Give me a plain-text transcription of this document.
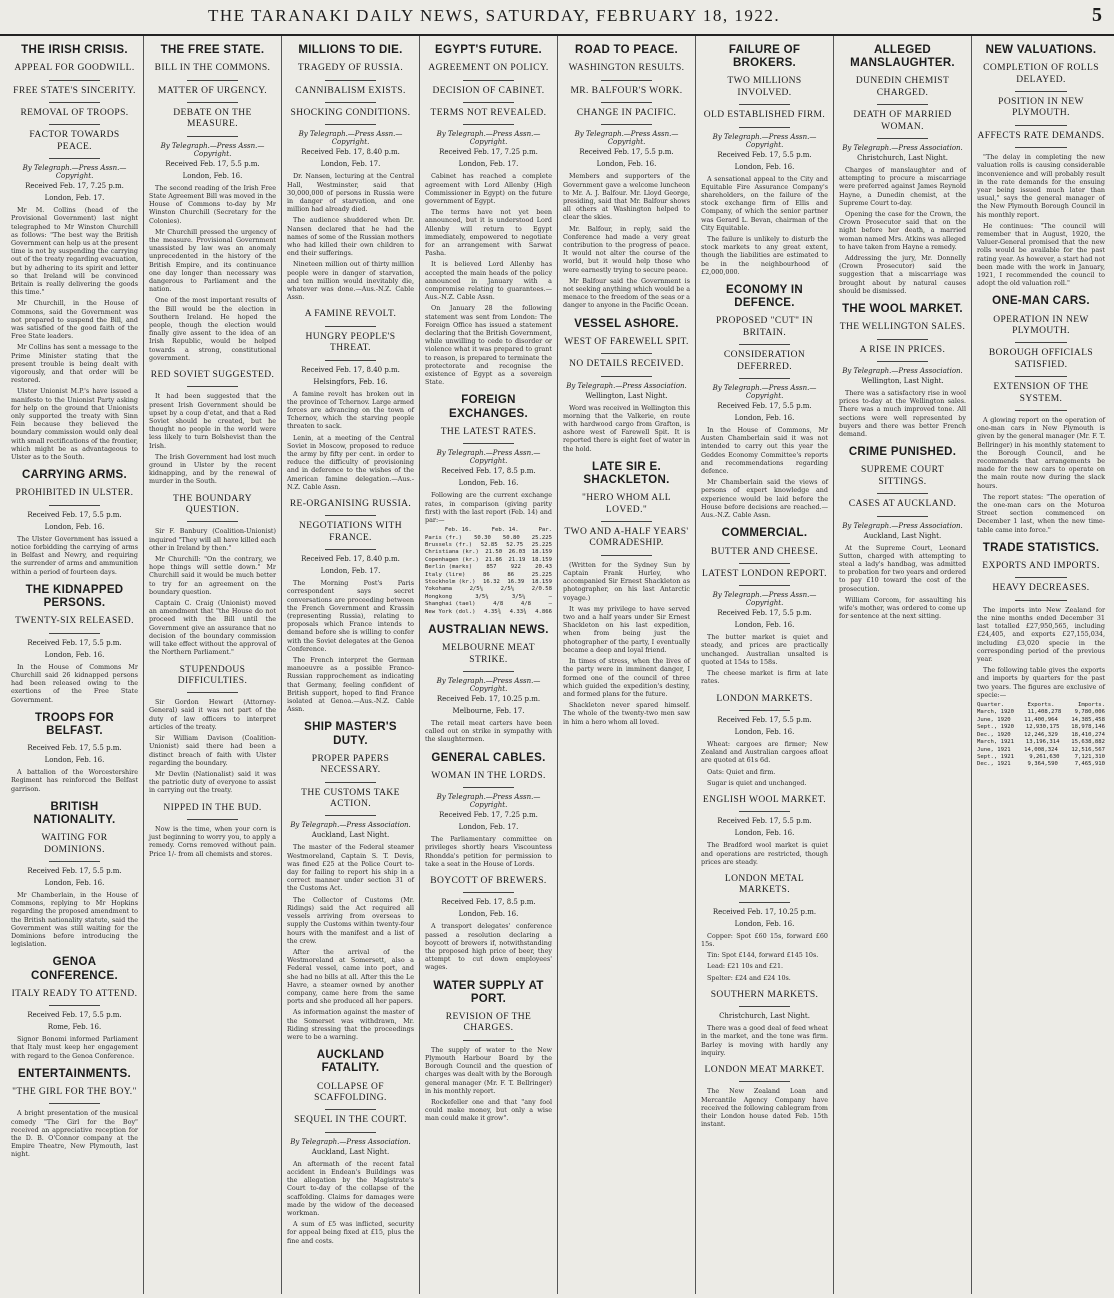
THE TARANAKI DAILY NEWS, SATURDAY, FEBRUARY 18, 1922.	5
THE IRISH CRISIS.
APPEAL FOR GOODWILL.
FREE STATE'S SINCERITY.
REMOVAL OF TROOPS.
FACTOR TOWARDS PEACE.
By Telegraph.—Press Assn.—Copyright.
Received Feb. 17, 7.25 p.m.
London, Feb. 17.

Mr M. Collins (head of the Provisional Government) last night telegraphed to Mr Winston Churchill as follows: "The best way the British Government can help us at the present time is not by suspending the carrying out of the treaty regarding evacuation, but by adhering to its spirit and letter so that Ireland will be convinced Britain is really delivering the goods this time."

Mr Churchill, in the House of Commons, said the Government was not prepared to suspend the Bill, and was satisfied of the good faith of the Free State leaders.

Mr Collins has sent a message to the Prime Minister stating that the present trouble is being dealt with vigorously, and that order will be restored.

Ulster Unionist M.P.'s have issued a manifesto to the Unionist Party asking for help on the ground that Unionists only supported the treaty with Sinn Fein because they believed the boundary commission would only deal with small rectifications of the frontier, which might be as advantageous to Ulster as to the South.

CARRYING ARMS.
PROHIBITED IN ULSTER.
Received Feb. 17, 5.5 p.m.
London, Feb. 16.

The Ulster Government has issued a notice forbidding the carrying of arms in Belfast and Newry, and requiring the surrender of arms and ammunition within a period of fourteen days.

THE KIDNAPPED PERSONS.
TWENTY-SIX RELEASED.
Received Feb. 17, 5.5 p.m.
London, Feb. 16.

In the House of Commons Mr Churchill said 26 kidnapped persons had been released owing to the exertions of the Free State Government.

TROOPS FOR BELFAST.
Received Feb. 17, 5.5 p.m.
London, Feb. 16.

A battalion of the Worcestershire Regiment has reinforced the Belfast garrison.

BRITISH NATIONALITY.
WAITING FOR DOMINIONS.
Received Feb. 17, 5.5 p.m.
London, Feb. 16.

Mr Chamberlain, in the House of Commons, replying to Mr Hopkins regarding the proposed amendment to the British nationality statute, said the Government was still waiting for the Dominions before introducing the legislation.

GENOA CONFERENCE.
ITALY READY TO ATTEND.
Received Feb. 17, 5.5 p.m.
Rome, Feb. 16.

Signor Bonomi informed Parliament that Italy must keep her engagement with regard to the Genoa Conference.

ENTERTAINMENTS.
"THE GIRL FOR THE BOY."

A bright presentation of the musical comedy "The Girl for the Boy" received an appreciative reception for the D. B. O'Connor company at the Empire Theatre, New Plymouth, last night.

THE FREE STATE.
BILL IN THE COMMONS.
MATTER OF URGENCY.
DEBATE ON THE MEASURE.
By Telegraph.—Press Assn.—Copyright.
Received Feb. 17, 5.5 p.m.
London, Feb. 16.

The second reading of the Irish Free State Agreement Bill was moved in the House of Commons to-day by Mr Winston Churchill (Secretary for the Colonies).

Mr Churchill pressed the urgency of the measure. Provisional Government unassisted by law was an anomaly unprecedented in the history of the British Empire, and its continuance one day longer than necessary was dangerous to Parliament and the nation.

One of the most important results of the Bill would be the election in Southern Ireland. He hoped the people, though the election would finally give assent to the idea of an Irish Republic, would be helped towards a strong, constitutional government.

RED SOVIET SUGGESTED.

It had been suggested that the present Irish Government should be upset by a coup d'etat, and that a Red Soviet should be created, but he thought no people in the world were less likely to turn Bolshevist than the Irish.

The Irish Government had lost much ground in Ulster by the recent kidnapping, and by the renewal of murder in the South.

THE BOUNDARY QUESTION.

Sir F. Banbury (Coalition-Unionist) inquired "They will all have killed each other in Ireland by then."

Mr Churchill: "On the contrary, we hope things will settle down." Mr Churchill said it would be much better to try for an agreement on the boundary question.

Captain C. Craig (Unionist) moved an amendment that "the House do not proceed with the Bill until the Government give an assurance that no decision of the boundary commission will take effect without the approval of the Northern Parliament."

STUPENDOUS DIFFICULTIES.

Sir Gordon Hewart (Attorney-General) said it was not part of the duty of law officers to interpret articles of the treaty.

Sir William Davison (Coalition-Unionist) said there had been a distinct breach of faith with Ulster regarding the boundary.

Mr Devlin (Nationalist) said it was the patriotic duty of everyone to assist in carrying out the treaty.

NIPPED IN THE BUD.

Now is the time, when your corn is just beginning to worry you, to apply a remedy. Corns removed without pain. Price 1/- from all chemists and stores.

MILLIONS TO DIE.
TRAGEDY OF RUSSIA.
CANNIBALISM EXISTS.
SHOCKING CONDITIONS.
By Telegraph.—Press Assn.—Copyright.
Received Feb. 17, 8.40 p.m.
London, Feb. 17.

Dr. Nansen, lecturing at the Central Hall, Westminster, said that 30,000,000 of persons in Russia were in danger of starvation, and one million had already died.

The audience shuddered when Dr. Nansen declared that he had the names of some of the Russian mothers who had killed their own children to end their sufferings.

Nineteen million out of thirty million people were in danger of starvation, and ten million would inevitably die, whatever was done.—Aus.-N.Z. Cable Assn.

A FAMINE REVOLT.
HUNGRY PEOPLE'S THREAT.
Received Feb. 17, 8.40 p.m.
Helsingfors, Feb. 16.

A famine revolt has broken out in the province of Tchernov. Large armed forces are advancing on the town of Tchernov, which the starving people threaten to sack.

Lenin, at a meeting of the Central Soviet in Moscow, proposed to reduce the army by fifty per cent. in order to reduce the difficulty of provisioning and in deference to the wishes of the American famine delegation.—Aus.-N.Z. Cable Assn.

RE-ORGANISING RUSSIA.
NEGOTIATIONS WITH FRANCE.
Received Feb. 17, 8.40 p.m.
London, Feb. 17.

The Morning Post's Paris correspondent says secret conversations are proceeding between the French Government and Krassin (representing Russia), relating to proposals which France intends to demand before she is willing to confer with the Soviet delegates at the Genoa Conference.

The French interpret the German manoeuvre as a possible Franco-Russian rapprochement as indicating that Germany, feeling confident of British support, hoped to find France isolated at Genoa.—Aus.-N.Z. Cable Assn.

SHIP MASTER'S DUTY.
PROPER PAPERS NECESSARY.
THE CUSTOMS TAKE ACTION.
By Telegraph.—Press Association.
Auckland, Last Night.

The master of the Federal steamer Westmoreland, Captain S. T. Devis, was fined £25 at the Police Court to-day for failing to report his ship in a correct manner under section 31 of the Customs Act.

The Collector of Customs (Mr. Ridings) said the Act required all vessels arriving from overseas to supply the Customs within twenty-four hours with the manifest and a list of the crew.

After the arrival of the Westmoreland at Somersett, also a Federal vessel, came into port, and she had no bills at all. After this the Le Havre, a steamer owned by another company, came here from the same ports and she produced all her papers.

As information against the master of the Somerset was withdrawn, Mr. Riding stressing that the proceedings were to be a warning.

AUCKLAND FATALITY.
COLLAPSE OF SCAFFOLDING.
SEQUEL IN THE COURT.
By Telegraph.—Press Association.
Auckland, Last Night.

An aftermath of the recent fatal accident in Endean's Buildings was the allegation by the Magistrate's Court to-day of the collapse of the scaffolding. Claims for damages were made by the widow of the deceased workman.

A sum of £5 was inflicted, security for appeal being fixed at £15, plus the fine and costs.

EGYPT'S FUTURE.
AGREEMENT ON POLICY.
DECISION OF CABINET.
TERMS NOT REVEALED.
By Telegraph.—Press Assn.—Copyright.
Received Feb. 17, 7.25 p.m.
London, Feb. 17.

Cabinet has reached a complete agreement with Lord Allenby (High Commissioner in Egypt) on the future government of Egypt.

The terms have not yet been announced, but it is understood Lord Allenby will return to Egypt immediately, empowered to negotiate for an arrangement with Sarwat Pasha.

It is believed Lord Allenby has accepted the main heads of the policy announced in January with a compromise relating to guarantees.—Aus.-N.Z. Cable Assn.

On January 28 the following statement was sent from London: The Foreign Office has issued a statement declaring that the British Government, while unwilling to cede to disorder or violence what it was prepared to grant to reason, is prepared to terminate the protectorate and recognise the existence of Egypt as a sovereign State.

FOREIGN EXCHANGES.
THE LATEST RATES.
By Telegraph.—Press Assn.—Copyright.
Received Feb. 17, 8.5 p.m.
London, Feb. 16.

Following are the current exchange rates, in comparison (giving parity first) with the last report (Feb. 14) and par:—

Feb. 16.	Feb. 14.	Par.
Paris (fr.) 50.30 50.80 25.225
Brussels (fr.) 52.85 52.75 25.225
Christiana (kr.) 21.50 26.03 18.159
Copenhagen (kr.) 21.86 21.19 18.159
Berlin (marks)	857	922	20.43
Italy (lire)	86	86	25.225
Stockholm (kr.) 16.32 16.39 18.159
Yokohama	2/5¼	2/5¼	2/0.58
Hongkong	3/5¼	3/5¼	—
Shanghai (tael)	4/8	4/8	—
New York (dol.) 4.35¾ 4.33¾ 4.866
AUSTRALIAN NEWS.
MELBOURNE MEAT STRIKE.
By Telegraph.—Press Assn.—Copyright.
Received Feb. 17, 10.25 p.m.
Melbourne, Feb. 17.

The retail meat carters have been called out on strike in sympathy with the slaughtermen.

GENERAL CABLES.
WOMAN IN THE LORDS.
By Telegraph.—Press Assn.—Copyright.
Received Feb. 17, 7.25 p.m.
London, Feb. 17.

The Parliamentary committee on privileges shortly hears Viscountess Rhondda's petition for permission to take a seat in the House of Lords.

BOYCOTT OF BREWERS.
Received Feb. 17, 8.5 p.m.
London, Feb. 16.

A transport delegates' conference passed a resolution declaring a boycott of brewers if, notwithstanding the proposed high price of beer, they attempt to cut down employees' wages.

WATER SUPPLY AT PORT.
REVISION OF THE CHARGES.

The supply of water to the New Plymouth Harbour Board by the Borough Council and the question of charges was dealt with by the Borough general manager (Mr. F. T. Bellringer) in his monthly report.

Rockefeller one and that "any fool could make money, but only a wise man could make it grow".

ROAD TO PEACE.
WASHINGTON RESULTS.
MR. BALFOUR'S WORK.
CHANGE IN PACIFIC.
By Telegraph.—Press Assn.—Copyright.
Received Feb. 17, 5.5 p.m.
London, Feb. 16.

Members and supporters of the Government gave a welcome luncheon to Mr. A. J. Balfour. Mr. Lloyd George, presiding, said that Mr. Balfour shows all others at Washington helped to clear the skies.

Mr. Balfour, in reply, said the Conference had made a very great contribution to the progress of peace. It would not alter the course of the world, but it would help those who were earnestly trying to secure peace.

Mr Balfour said the Government is not seeking anything which would be a menace to the freedom of the seas or a danger to anyone in the Pacific Ocean.

VESSEL ASHORE.
WEST OF FAREWELL SPIT.
NO DETAILS RECEIVED.
By Telegraph.—Press Association.
Wellington, Last Night.

Word was received in Wellington this morning that the Valkerie, en route with hardwood cargo from Grafton, is ashore west of Farewell Spit. It is reported there is eight feet of water in the hold.

LATE SIR E. SHACKLETON.
"HERO WHOM ALL LOVED."
TWO AND A-HALF YEARS' COMRADESHIP.

(Written for the Sydney Sun by Captain Frank Hurley, who accompanied Sir Ernest Shackleton as photographer, on his last Antarctic voyage.)

It was my privilege to have served two and a half years under Sir Ernest Shackleton on his last expedition, when from being just the photographer of the party, I eventually became a deep and loyal friend.

In times of stress, when the lives of the party were in imminent danger, I formed one of the council of three which guided the expedition's destiny, and formed plans for the future.

Shackleton never spared himself. The whole of the twenty-two men saw in him a hero whom all loved.

FAILURE OF BROKERS.
TWO MILLIONS INVOLVED.
OLD ESTABLISHED FIRM.
By Telegraph.—Press Assn.—Copyright.
Received Feb. 17, 5.5 p.m.
London, Feb. 16.

A sensational appeal to the City and Equitable Fire Assurance Company's shareholders, on the failure of the stock exchange firm of Ellis and Company, of which the senior partner was Gerard L. Bevan, chairman of the City Equitable.

The failure is unlikely to disturb the stock markets to any great extent, though the liabilities are estimated to be in the neighbourhood of £2,000,000.

ECONOMY IN DEFENCE.
PROPOSED "CUT" IN BRITAIN.
CONSIDERATION DEFERRED.
By Telegraph.—Press Assn.—Copyright.
Received Feb. 17, 5.5 p.m.
London, Feb. 16.

In the House of Commons, Mr Austen Chamberlain said it was not intended to carry out this year the Geddes Economy Committee's reports and recommendations regarding defence.

Mr Chamberlain said the views of persons of expert knowledge and experience would be laid before the House before decisions are reached.—Aus.-N.Z. Cable Assn.

COMMERCIAL.
BUTTER AND CHEESE.
LATEST LONDON REPORT.
By Telegraph.—Press Assn.—Copyright.
Received Feb. 17, 5.5 p.m.
London, Feb. 16.

The butter market is quiet and steady, and prices are practically unchanged. Australian unsalted is quoted at 154s to 158s.

The cheese market is firm at late rates.

LONDON MARKETS.
Received Feb. 17, 5.5 p.m.
London, Feb. 16.

Wheat: cargoes are firmer; New Zealand and Australian cargoes afloat are quoted at 61s 6d.

Oats: Quiet and firm.

Sugar is quiet and unchanged.

ENGLISH WOOL MARKET.
Received Feb. 17, 5.5 p.m.
London, Feb. 16.

The Bradford wool market is quiet and operations are restricted, though prices are steady.

LONDON METAL MARKETS.
Received Feb. 17, 10.25 p.m.
London, Feb. 16.

Copper: Spot £60 15s, forward £60 15s.

Tin: Spot £144, forward £145 10s.

Lead: £21 10s and £21.

Spelter: £24 and £24 10s.

SOUTHERN MARKETS.
Christchurch, Last Night.

There was a good deal of feed wheat in the market, and the tone was firm. Barley is moving with hardly any inquiry.

LONDON MEAT MARKET.

The New Zealand Loan and Mercantile Agency Company have received the following cablegram from their London house dated Feb. 15th instant.

ALLEGED MANSLAUGHTER.
DUNEDIN CHEMIST CHARGED.
DEATH OF MARRIED WOMAN.
By Telegraph.—Press Association.
Christchurch, Last Night.

Charges of manslaughter and of attempting to procure a miscarriage were preferred against James Reynold Hayne, a Dunedin chemist, at the Supreme Court to-day.

Opening the case for the Crown, the Crown Prosecutor said that on the night before her death, a married woman named Mrs. Atkins was alleged to have taken from Hayne a remedy.

Addressing the jury, Mr. Donnelly (Crown Prosecutor) said the suggestion that a miscarriage was brought about by natural causes should be dismissed.

THE WOOL MARKET.
THE WELLINGTON SALES.
A RISE IN PRICES.
By Telegraph.—Press Association.
Wellington, Last Night.

There was a satisfactory rise in wool prices to-day at the Wellington sales. There was a much improved tone. All sections were well represented by buyers and there was better French demand.

CRIME PUNISHED.
SUPREME COURT SITTINGS.
CASES AT AUCKLAND.
By Telegraph.—Press Association.
Auckland, Last Night.

At the Supreme Court, Leonard Sutton, charged with attempting to steal a lady's handbag, was admitted to probation for two years and ordered to pay £10 toward the cost of the prosecution.

William Corcom, for assaulting his wife's mother, was ordered to come up for sentence at the next sitting.

NEW VALUATIONS.
COMPLETION OF ROLLS DELAYED.
POSITION IN NEW PLYMOUTH.
AFFECTS RATE DEMANDS.

"The delay in completing the new valuation rolls is causing considerable inconvenience and will probably result in the rate demands for the ensuing year being issued much later than usual," says the general manager of the New Plymouth Borough Council in his monthly report.

He continues: "The council will remember that in August, 1920, the Valuer-General promised that the new rolls would be available for the past rating year. As however, a start had not been made with the work in January, 1921, I recommended the council to adopt the old valuation roll."

ONE-MAN CARS.
OPERATION IN NEW PLYMOUTH.
BOROUGH OFFICIALS SATISFIED.
EXTENSION OF THE SYSTEM.

A glowing report on the operation of one-man cars in New Plymouth is given by the general manager (Mr. F. T. Bellringer) in his monthly statement to the Borough Council, and he recommends that arrangements be made for the new cars to operate on the main route now during the slack hours.

The report states: "The operation of the one-man cars on the Moturoa Street section commenced on December 1 last, when the new time-table came into force."

TRADE STATISTICS.
EXPORTS AND IMPORTS.
HEAVY DECREASES.

The imports into New Zealand for the nine months ended December 31 last totalled £27,950,565, including £24,405, and exports £27,155,034, including £3,020 specie in the corresponding period of the previous year.

The following table gives the exports and imports by quarters for the past two years. The figures are exclusive of specie:—

Quarter.	Exports.	Imports.
March, 1920 11,408,278 9,780,006
June, 1920 11,400,964 14,385,458
Sept., 1920 12,930,175 18,978,146
Dec., 1920 12,246,329 18,410,274
March, 1921 13,196,314 15,638,882
June, 1921 14,008,324 12,516,567
Sept., 1921	9,261,630	7,121,310
Dec., 1921	9,364,590	7,465,910
